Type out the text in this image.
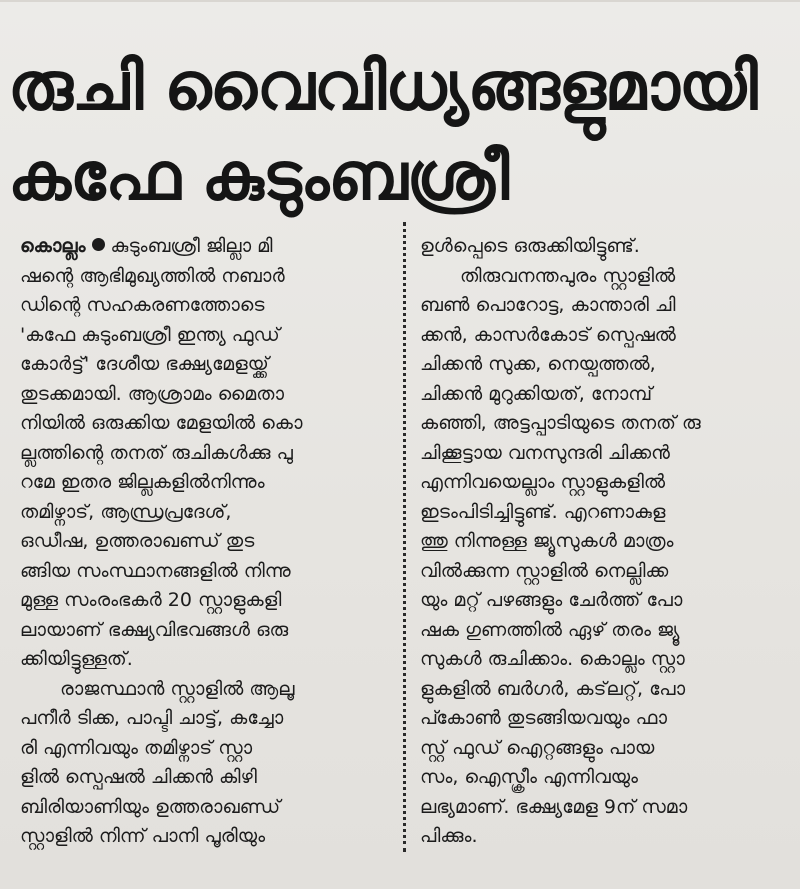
രുചി വൈവിധ്യങ്ങളുമായി
കഫേ കുടുംബശ്രീ

കൊല്ലം കുടുംബശ്രീ ജില്ലാ മി

ഷന്റെ ആഭിമുഖ്യത്തിൽ നബാർ

ഡിന്റെ സഹകരണത്തോടെ

'കഫേ കുടുംബശ്രീ ഇന്ത്യ ഫുഡ്

കോർട്ട്' ദേശീയ ഭക്ഷ്യമേളയ്ക്ക്

തുടക്കമായി. ആശ്രാമം മൈതാ

നിയിൽ ഒരുക്കിയ മേളയിൽ കൊ

ല്ലത്തിന്റെ തനത് രുചികൾക്കു പു

റമേ ഇതര ജില്ലകളിൽനിന്നും

തമിഴ്നാട്, ആന്ധ്രപ്രദേശ്,

ഒഡീഷ, ഉത്തരാഖണ്ഡ് തുട

ങ്ങിയ സംസ്ഥാനങ്ങളിൽ നിന്നു

മുള്ള സംരംഭകർ 20 സ്റ്റാളുകളി

ലായാണ് ഭക്ഷ്യവിഭവങ്ങൾ ഒരു

ക്കിയിട്ടുള്ളത്.

രാജസ്ഥാൻ സ്റ്റാളിൽ ആലൂ

പനീർ ടിക്ക, പാപ്ടി ചാട്ട്, കച്ചോ

രി എന്നിവയും തമിഴ്നാട് സ്റ്റാ

ളിൽ സ്പെഷൽ ചിക്കൻ കിഴി

ബിരിയാണിയും ഉത്തരാഖണ്ഡ്

സ്റ്റാളിൽ നിന്ന് പാനി പൂരിയും

ഉൾപ്പെടെ ഒരുക്കിയിട്ടുണ്ട്.

തിരുവനന്തപുരം സ്റ്റാളിൽ

ബൺ പൊറോട്ട, കാന്താരി ചി

ക്കൻ, കാസർകോട് സ്പെഷൽ

ചിക്കൻ സുക്ക, നെയ്പത്തൽ,

ചിക്കൻ മുറുക്കിയത്, നോമ്പ്

കഞ്ഞി, അട്ടപ്പാടിയുടെ തനത് രു

ചിക്കൂട്ടായ വനസുന്ദരി ചിക്കൻ

എന്നിവയെല്ലാം സ്റ്റാളുകളിൽ

ഇടംപിടിച്ചിട്ടുണ്ട്. എറണാകുള

ത്തു നിന്നുള്ള ജ്യൂസുകൾ മാത്രം

വിൽക്കുന്ന സ്റ്റാളിൽ നെല്ലിക്ക

യും മറ്റ് പഴങ്ങളും ചേർത്ത് പോ

ഷക ഗുണത്തിൽ ഏഴ് തരം ജ്യൂ

സുകൾ രുചിക്കാം. കൊല്ലം സ്റ്റാ

ളുകളിൽ ബർഗർ, കട്‌ലറ്റ്, പോ

പ്കോൺ തുടങ്ങിയവയും ഫാ

സ്റ്റ് ഫുഡ് ഐറ്റങ്ങളും പായ

സം, ഐസ്ക്രീം എന്നിവയും

ലഭ്യമാണ്. ഭക്ഷ്യമേള 9ന് സമാ

പിക്കും.
